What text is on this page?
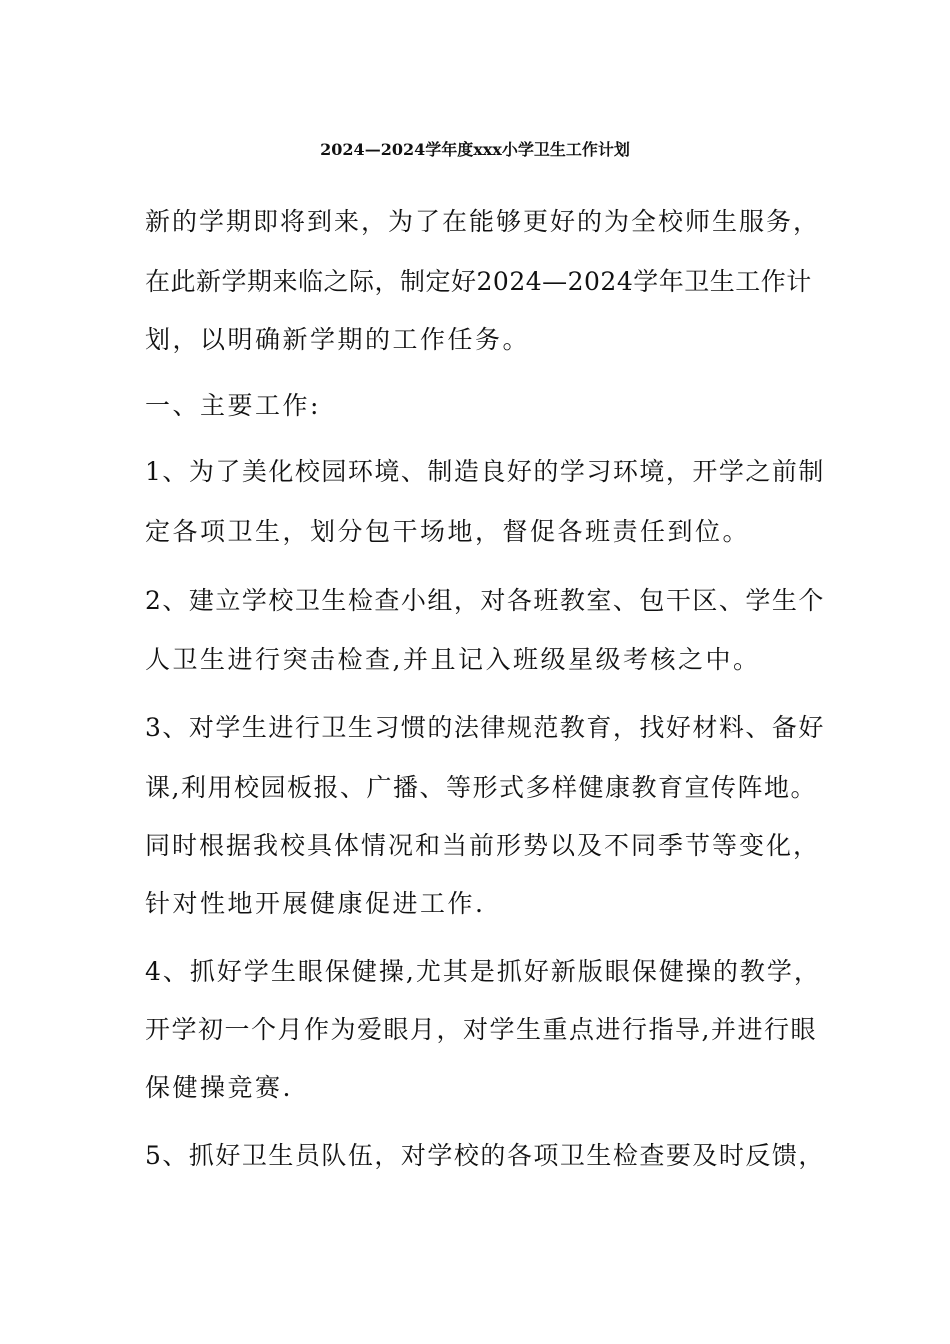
2024—2024学年度xxx小学卫生工作计划

新的学期即将到来，为了在能够更好的为全校师生服务，

在此新学期来临之际，制定好2024—2024学年卫生工作计

划，以明确新学期的工作任务。

一、主要工作:

1、为了美化校园环境、制造良好的学习环境，开学之前制

定各项卫生，划分包干场地，督促各班责任到位。

2、建立学校卫生检查小组，对各班教室、包干区、学生个

人卫生进行突击检查,并且记入班级星级考核之中。

3、对学生进行卫生习惯的法律规范教育，找好材料、备好

课,利用校园板报、广播、等形式多样健康教育宣传阵地。

同时根据我校具体情况和当前形势以及不同季节等变化，

针对性地开展健康促进工作.

4、抓好学生眼保健操,尤其是抓好新版眼保健操的教学，

开学初一个月作为爱眼月，对学生重点进行指导,并进行眼

保健操竞赛.

5、抓好卫生员队伍，对学校的各项卫生检查要及时反馈，
